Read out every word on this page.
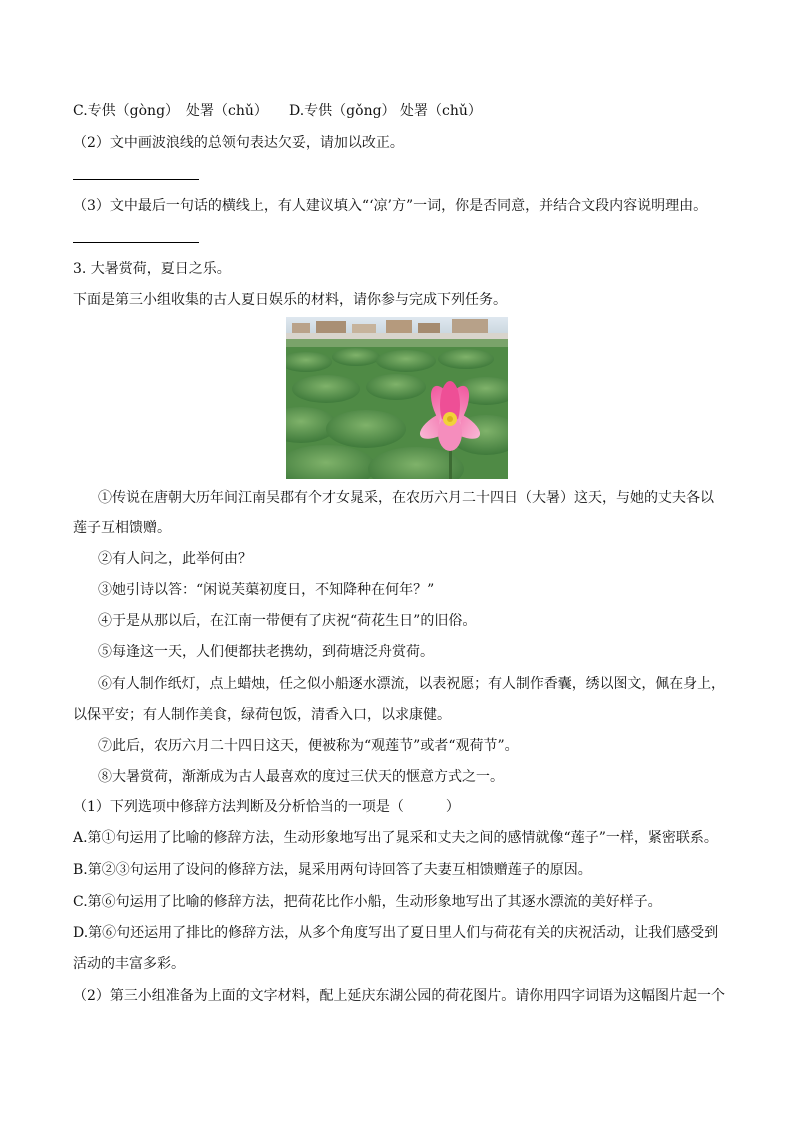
C.专供（gòng） 处署（chǔ） D.专供（gǒng） 处署（chǔ）
（2）文中画波浪线的总领句表达欠妥，请加以改正。
（3）文中最后一句话的横线上，有人建议填入“‘凉’方”一词，你是否同意，并结合文段内容说明理由。
3. 大暑赏荷，夏日之乐。
下面是第三小组收集的古人夏日娱乐的材料，请你参与完成下列任务。
①传说在唐朝大历年间江南吴郡有个才女晁采，在农历六月二十四日（大暑）这天，与她的丈夫各以
莲子互相馈赠。
②有人问之，此举何由？
③她引诗以答：“闲说芙蕖初度日，不知降种在何年？”
④于是从那以后，在江南一带便有了庆祝“荷花生日”的旧俗。
⑤每逢这一天，人们便都扶老携幼，到荷塘泛舟赏荷。
⑥有人制作纸灯，点上蜡烛，任之似小船逐水漂流，以表祝愿；有人制作香囊，绣以图文，佩在身上，
以保平安；有人制作美食，绿荷包饭，清香入口，以求康健。
⑦此后，农历六月二十四日这天，便被称为“观莲节”或者“观荷节”。
⑧大暑赏荷，渐渐成为古人最喜欢的度过三伏天的惬意方式之一。
（1）下列选项中修辞方法判断及分析恰当的一项是（　　　）
A.第①句运用了比喻的修辞方法，生动形象地写出了晁采和丈夫之间的感情就像“莲子”一样，紧密联系。
B.第②③句运用了设问的修辞方法，晁采用两句诗回答了夫妻互相馈赠莲子的原因。
C.第⑥句运用了比喻的修辞方法，把荷花比作小船，生动形象地写出了其逐水漂流的美好样子。
D.第⑥句还运用了排比的修辞方法，从多个角度写出了夏日里人们与荷花有关的庆祝活动，让我们感受到
活动的丰富多彩。
（2）第三小组准备为上面的文字材料，配上延庆东湖公园的荷花图片。请你用四字词语为这幅图片起一个
